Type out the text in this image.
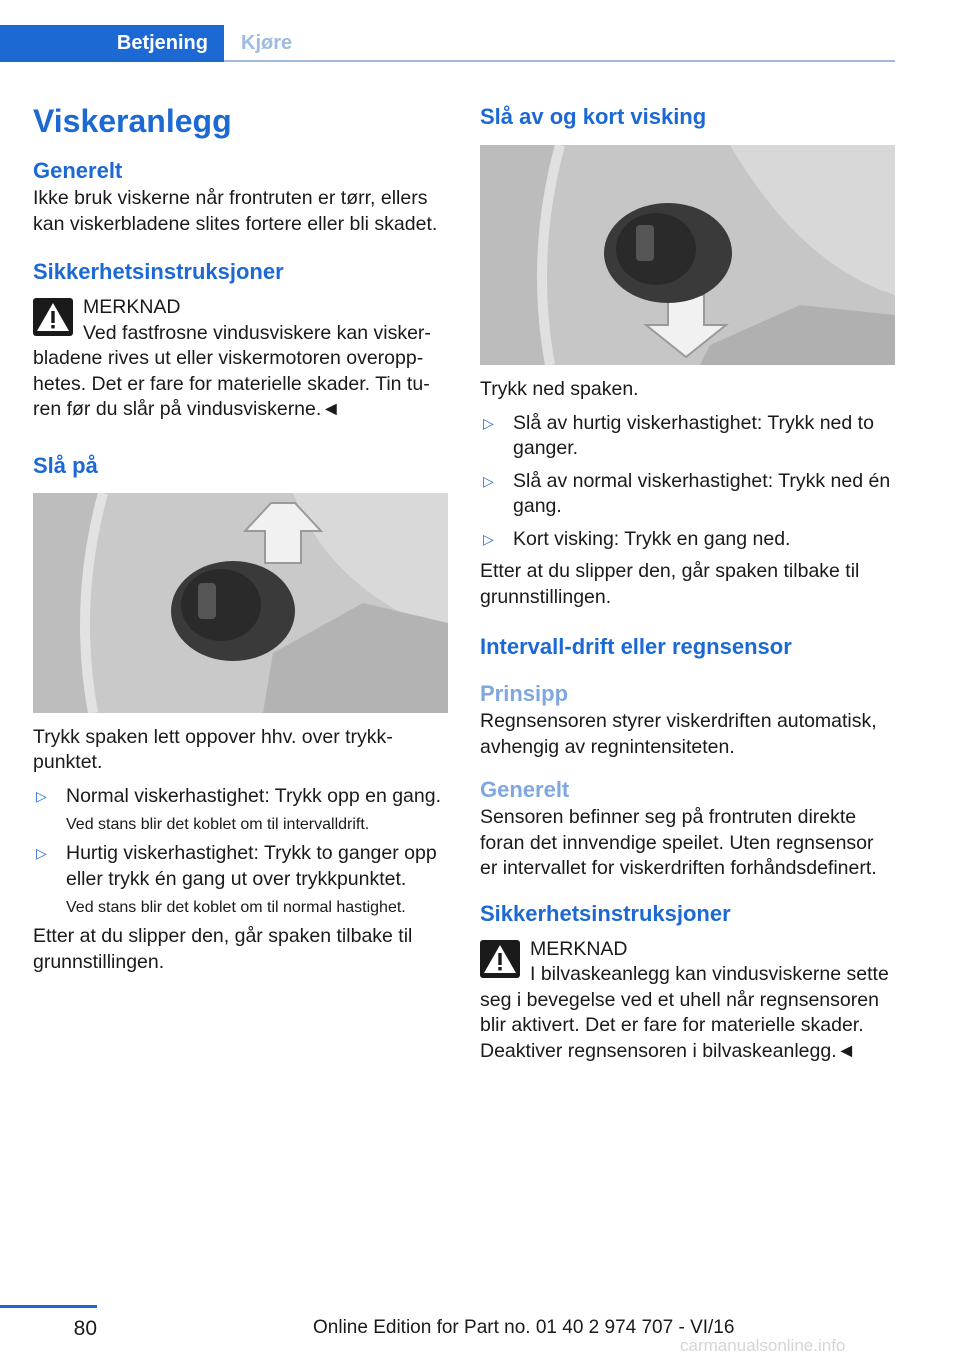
Betjening	Kjøre
Viskeranlegg
Generelt

Ikke bruk viskerne når frontruten er tørr, ellers kan viskerbladene slites fortere eller bli skadet.

Sikkerhetsinstruksjoner
MERKNAD
Ved fastfrosne vindusviskere kan viskerbladene rives ut eller viskermotoren overopphetes. Det er fare for materielle skader. Tin turen før du slår på vindusviskerne.◄
Slå på

Trykk spaken lett oppover hhv. over trykkpunktet.

▷ Normal viskerhastighet: Trykk opp en gang.
Ved stans blir det koblet om til intervalldrift.
▷ Hurtig viskerhastighet: Trykk to ganger opp eller trykk én gang ut over trykkpunktet.
Ved stans blir det koblet om til normal hastighet.

Etter at du slipper den, går spaken tilbake til grunnstillingen.

Slå av og kort visking

Trykk ned spaken.

▷ Slå av hurtig viskerhastighet: Trykk ned to ganger.
▷ Slå av normal viskerhastighet: Trykk ned én gang.
▷ Kort visking: Trykk en gang ned.

Etter at du slipper den, går spaken tilbake til grunnstillingen.

Intervall-drift eller regnsensor
Prinsipp

Regnsensoren styrer viskerdriften automatisk, avhengig av regnintensiteten.

Generelt

Sensoren befinner seg på frontruten direkte foran det innvendige speilet. Uten regnsensor er intervallet for viskerdriften forhåndsdefinert.

Sikkerhetsinstruksjoner
MERKNAD
I bilvaskeanlegg kan vindusviskerne sette seg i bevegelse ved et uhell når regnsensoren blir aktivert. Det er fare for materielle skader. Deaktiver regnsensoren i bilvaskeanlegg.◄
80	Online Edition for Part no. 01 40 2 974 707 - VI/16
carmanualsonline.info
